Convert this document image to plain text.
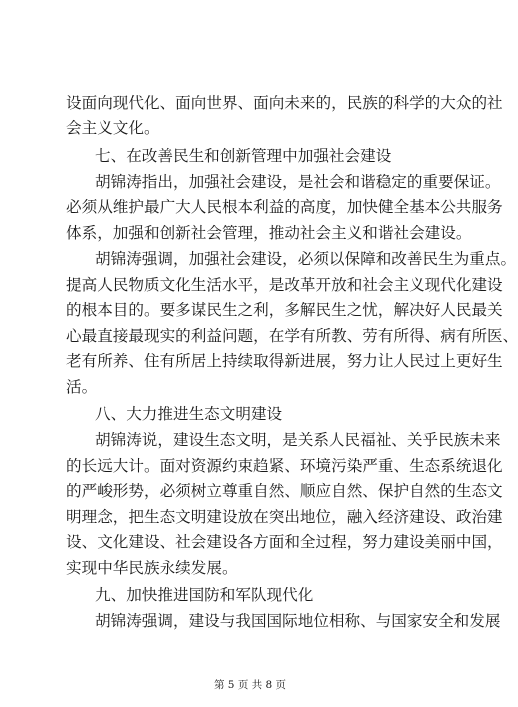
设面向现代化、面向世界、面向未来的，民族的科学的大众的社
会主义文化。
七、在改善民生和创新管理中加强社会建设
胡锦涛指出，加强社会建设，是社会和谐稳定的重要保证。
必须从维护最广大人民根本利益的高度，加快健全基本公共服务
体系，加强和创新社会管理，推动社会主义和谐社会建设。
胡锦涛强调，加强社会建设，必须以保障和改善民生为重点。
提高人民物质文化生活水平，是改革开放和社会主义现代化建设
的根本目的。要多谋民生之利，多解民生之忧，解决好人民最关
心最直接最现实的利益问题，在学有所教、劳有所得、病有所医、
老有所养、住有所居上持续取得新进展，努力让人民过上更好生
活。
八、大力推进生态文明建设
胡锦涛说，建设生态文明，是关系人民福祉、关乎民族未来
的长远大计。面对资源约束趋紧、环境污染严重、生态系统退化
的严峻形势，必须树立尊重自然、顺应自然、保护自然的生态文
明理念，把生态文明建设放在突出地位，融入经济建设、政治建
设、文化建设、社会建设各方面和全过程，努力建设美丽中国，
实现中华民族永续发展。
九、加快推进国防和军队现代化
胡锦涛强调，建设与我国国际地位相称、与国家安全和发展
第 5 页 共 8 页
